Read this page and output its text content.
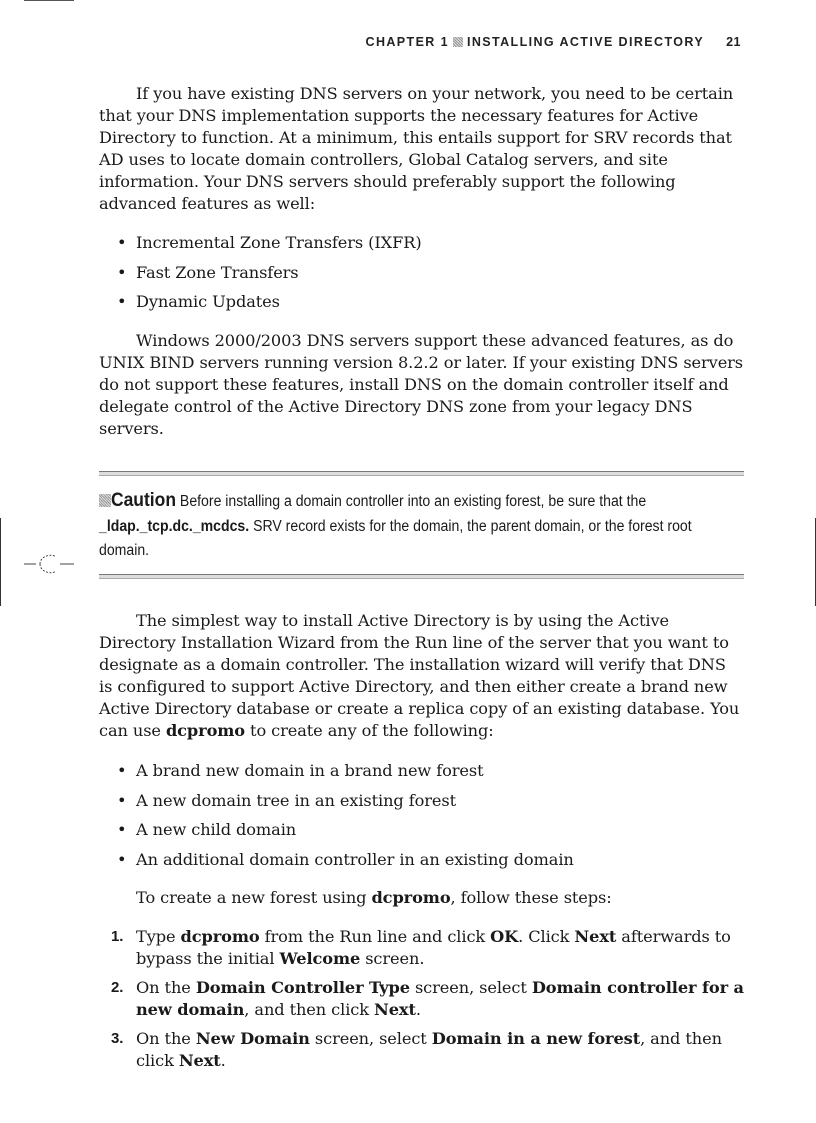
CHAPTER 1 INSTALLING ACTIVE DIRECTORY 21

If you have existing DNS servers on your network, you need to be certain that your DNS implementation supports the necessary features for Active Directory to function. At a minimum, this entails support for SRV records that AD uses to locate domain controllers, Global Catalog servers, and site information. Your DNS servers should preferably support the following advanced features as well:

• Incremental Zone Transfers (IXFR)
• Fast Zone Transfers
• Dynamic Updates

Windows 2000/2003 DNS servers support these advanced features, as do UNIX BIND servers running version 8.2.2 or later. If your existing DNS servers do not support these features, install DNS on the domain controller itself and delegate control of the Active Directory DNS zone from your legacy DNS servers.

Caution Before installing a domain controller into an existing forest, be sure that the _ldap._tcp.dc._mcdcs. SRV record exists for the domain, the parent domain, or the forest root domain.

The simplest way to install Active Directory is by using the Active Directory Installation Wizard from the Run line of the server that you want to designate as a domain controller. The installation wizard will verify that DNS is configured to support Active Directory, and then either create a brand new Active Directory database or create a replica copy of an existing database. You can use dcpromo to create any of the following:

• A brand new domain in a brand new forest
• A new domain tree in an existing forest
• A new child domain
• An additional domain controller in an existing domain

To create a new forest using dcpromo, follow these steps:

1. Type dcpromo from the Run line and click OK. Click Next afterwards to bypass the initial Welcome screen.
2. On the Domain Controller Type screen, select Domain controller for a new domain, and then click Next.
3. On the New Domain screen, select Domain in a new forest, and then click Next.
